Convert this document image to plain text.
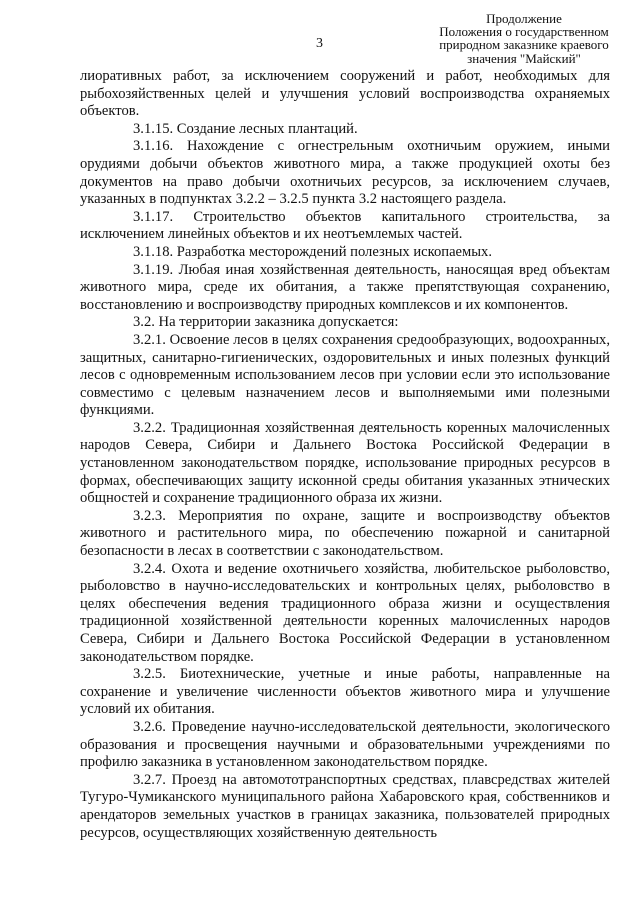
3
Продолжение
Положения о государственном
природном заказнике краевого
значения "Майский"

лиоративных работ, за исключением сооружений и работ, необходимых для рыбохозяйственных целей и улучшения условий воспроизводства охраняемых объектов.

3.1.15. Создание лесных плантаций.

3.1.16. Нахождение с огнестрельным охотничьим оружием, иными орудиями добычи объектов животного мира, а также продукцией охоты без документов на право добычи охотничьих ресурсов, за исключением случаев, указанных в подпунктах 3.2.2 – 3.2.5 пункта 3.2 настоящего раздела.

3.1.17. Строительство объектов капитального строительства, за исключением линейных объектов и их неотъемлемых частей.

3.1.18. Разработка месторождений полезных ископаемых.

3.1.19. Любая иная хозяйственная деятельность, наносящая вред объектам животного мира, среде их обитания, а также препятствующая сохранению, восстановлению и воспроизводству природных комплексов и их компонентов.

3.2. На территории заказника допускается:

3.2.1. Освоение лесов в целях сохранения средообразующих, водоохранных, защитных, санитарно-гигиенических, оздоровительных и иных полезных функций лесов с одновременным использованием лесов при условии если это использование совместимо с целевым назначением лесов и выполняемыми ими полезными функциями.

3.2.2. Традиционная хозяйственная деятельность коренных малочисленных народов Севера, Сибири и Дальнего Востока Российской Федерации в установленном законодательством порядке, использование природных ресурсов в формах, обеспечивающих защиту исконной среды обитания указанных этнических общностей и сохранение традиционного образа их жизни.

3.2.3. Мероприятия по охране, защите и воспроизводству объектов животного и растительного мира, по обеспечению пожарной и санитарной безопасности в лесах в соответствии с законодательством.

3.2.4. Охота и ведение охотничьего хозяйства, любительское рыболовство, рыболовство в научно-исследовательских и контрольных целях, рыболовство в целях обеспечения ведения традиционного образа жизни и осуществления традиционной хозяйственной деятельности коренных малочисленных народов Севера, Сибири и Дальнего Востока Российской Федерации в установленном законодательством порядке.

3.2.5. Биотехнические, учетные и иные работы, направленные на сохранение и увеличение численности объектов животного мира и улучшение условий их обитания.

3.2.6. Проведение научно-исследовательской деятельности, экологического образования и просвещения научными и образовательными учреждениями по профилю заказника в установленном законодательством порядке.

3.2.7. Проезд на автомототранспортных средствах, плавсредствах жителей Тугуро-Чумиканского муниципального района Хабаровского края, собственников и арендаторов земельных участков в границах заказника, пользователей природных ресурсов, осуществляющих хозяйственную деятельность
